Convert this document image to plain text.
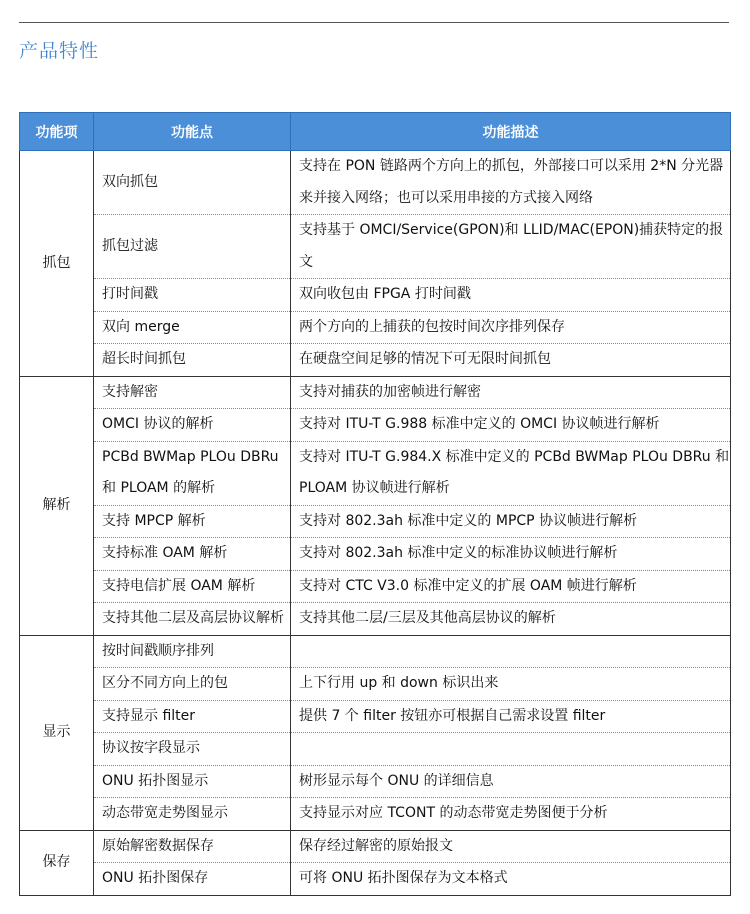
产品特性
功能项	功能点	功能描述
抓包	双向抓包	支持在 PON 链路两个方向上的抓包，外部接口可以采用 2*N 分光器来并接入网络；也可以采用串接的方式接入网络
	抓包过滤	支持基于 OMCI/Service(GPON)和 LLID/MAC(EPON)捕获特定的报文
	打时间戳	双向收包由 FPGA 打时间戳
	双向 merge	两个方向的上捕获的包按时间次序排列保存
	超长时间抓包	在硬盘空间足够的情况下可无限时间抓包
解析	支持解密	支持对捕获的加密帧进行解密
	OMCI 协议的解析	支持对 ITU-T G.988 标准中定义的 OMCI 协议帧进行解析
	PCBd BWMap PLOu DBRu 和 PLOAM 的解析	支持对 ITU-T G.984.X 标准中定义的 PCBd BWMap PLOu DBRu 和 PLOAM 协议帧进行解析
	支持 MPCP 解析	支持对 802.3ah 标准中定义的 MPCP 协议帧进行解析
	支持标准 OAM 解析	支持对 802.3ah 标准中定义的标准协议帧进行解析
	支持电信扩展 OAM 解析	支持对 CTC V3.0 标准中定义的扩展 OAM 帧进行解析
	支持其他二层及高层协议解析	支持其他二层/三层及其他高层协议的解析
显示	按时间戳顺序排列	
	区分不同方向上的包	上下行用 up 和 down 标识出来
	支持显示 filter	提供 7 个 filter 按钮亦可根据自己需求设置 filter
	协议按字段显示	
	ONU 拓扑图显示	树形显示每个 ONU 的详细信息
	动态带宽走势图显示	支持显示对应 TCONT 的动态带宽走势图便于分析
保存	原始解密数据保存	保存经过解密的原始报文
	ONU 拓扑图保存	可将 ONU 拓扑图保存为文本格式
